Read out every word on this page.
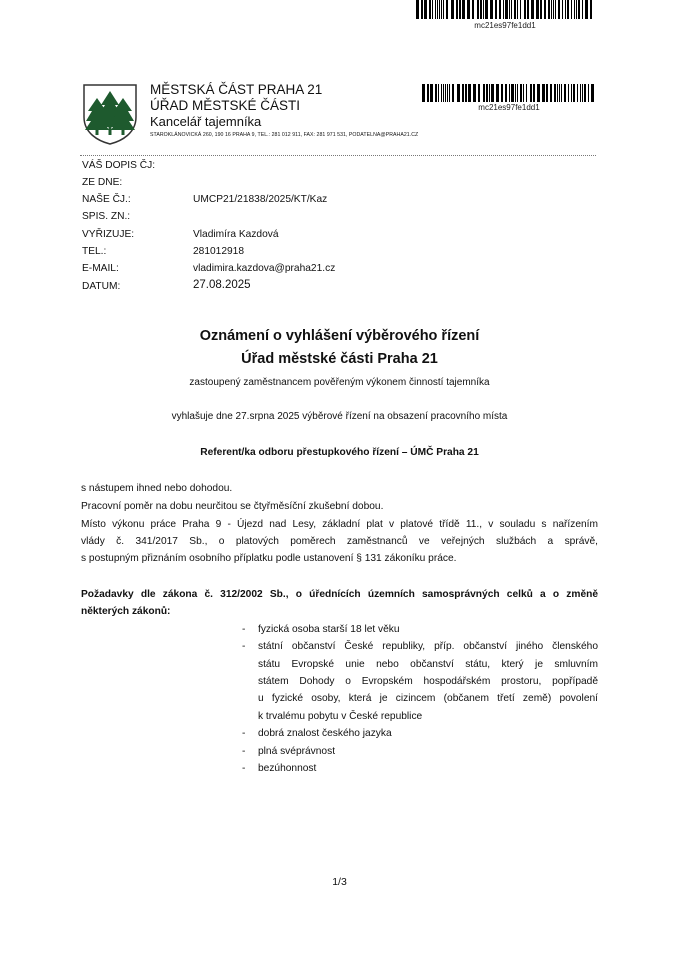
mc21es97fe1dd1
MĚSTSKÁ ČÁST PRAHA 21
ÚŘAD MĚSTSKÉ ČÁSTI
Kancelář tajemníka
STAROKLÁNOVICKÁ 260, 190 16 PRAHA 9, TEL.: 281 012 911, FAX: 281 971 531, PODATELNA@PRAHA21.CZ
mc21es97fe1dd1
VÁŠ DOPIS ČJ:
ZE DNE:
NAŠE ČJ.:	UMCP21/21838/2025/KT/Kaz
SPIS. ZN.:
VYŘIZUJE:	Vladimíra Kazdová
TEL.:	281012918
E-MAIL:	vladimira.kazdova@praha21.cz
DATUM:	27.08.2025
Oznámení o vyhlášení výběrového řízení
Úřad městské části Praha 21
zastoupený zaměstnancem pověřeným výkonem činností tajemníka
vyhlašuje dne 27.srpna 2025 výběrové řízení na obsazení pracovního místa
Referent/ka odboru přestupkového řízení – ÚMČ Praha 21
s nástupem ihned nebo dohodou.
Pracovní poměr na dobu neurčitou se čtyřměsíční zkušební dobou.
Místo výkonu práce Praha 9 - Újezd nad Lesy, základní plat v platové třídě 11., v souladu s nařízením
vlády č. 341/2017 Sb., o platových poměrech zaměstnanců ve veřejných službách a správě,
s postupným přiznáním osobního příplatku podle ustanovení § 131 zákoníku práce.
Požadavky dle zákona č. 312/2002 Sb., o úřednících územních samosprávných celků a o změně
některých zákonů:
- fyzická osoba starší 18 let věku
- státní občanství České republiky, příp. občanství jiného členského
státu Evropské unie nebo občanství státu, který je smluvním
státem Dohody o Evropském hospodářském prostoru, popřípadě
u fyzické osoby, která je cizincem (občanem třetí země) povolení
k trvalému pobytu v České republice
- dobrá znalost českého jazyka
- plná svéprávnost
- bezúhonnost
1/3
